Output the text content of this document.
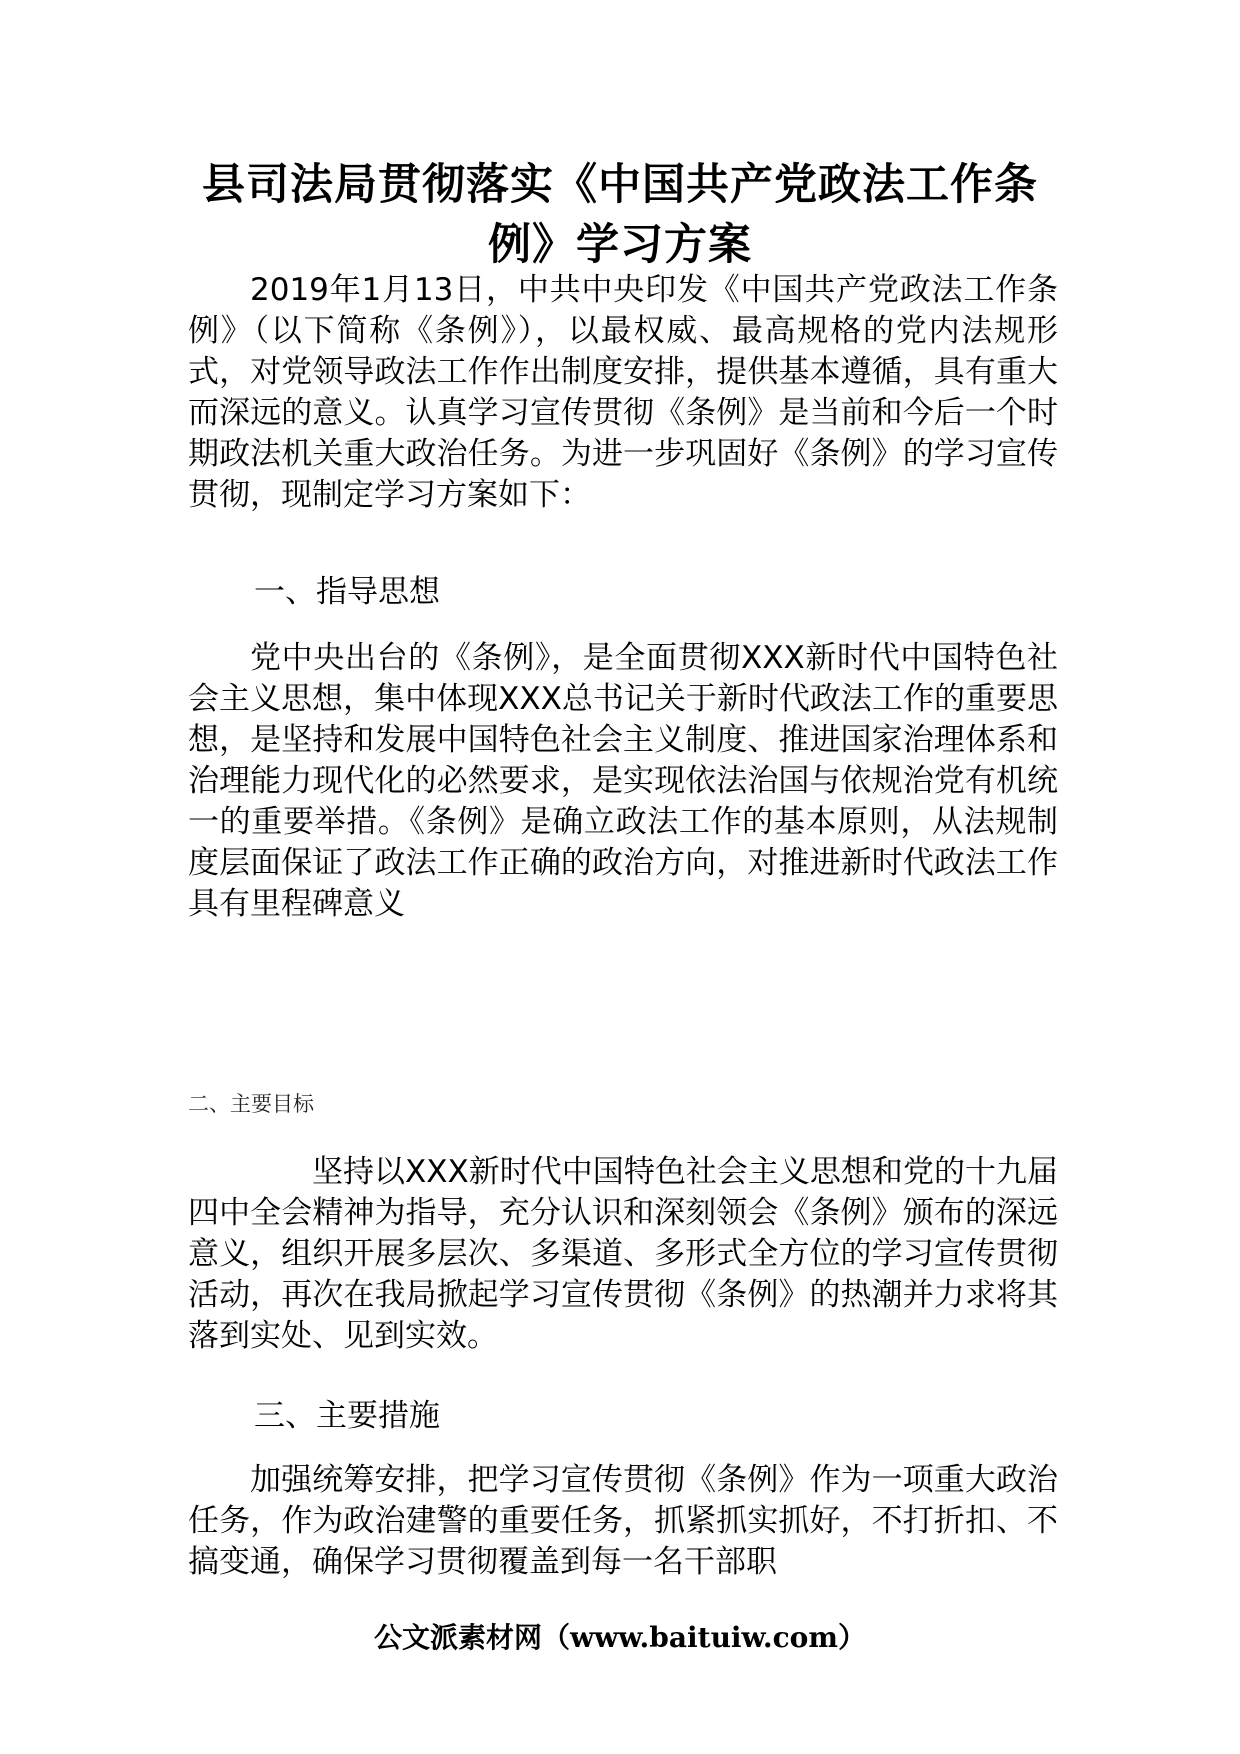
县司法局贯彻落实《中国共产党政法工作条例》学习方案

2019年1月13日，中共中央印发《中国共产党政法工作条例》（以下简称《条例》），以最权威、最高规格的党内法规形式，对党领导政法工作作出制度安排，提供基本遵循，具有重大而深远的意义。认真学习宣传贯彻《条例》是当前和今后一个时期政法机关重大政治任务。为进一步巩固好《条例》的学习宣传贯彻，现制定学习方案如下：

一、指导思想

党中央出台的《条例》，是全面贯彻XXX新时代中国特色社会主义思想，集中体现XXX总书记关于新时代政法工作的重要思想，是坚持和发展中国特色社会主义制度、推进国家治理体系和治理能力现代化的必然要求，是实现依法治国与依规治党有机统一的重要举措。《条例》是确立政法工作的基本原则，从法规制度层面保证了政法工作正确的政治方向，对推进新时代政法工作具有里程碑意义

二、主要目标

坚持以XXX新时代中国特色社会主义思想和党的十九届四中全会精神为指导，充分认识和深刻领会《条例》颁布的深远意义，组织开展多层次、多渠道、多形式全方位的学习宣传贯彻活动，再次在我局掀起学习宣传贯彻《条例》的热潮并力求将其落到实处、见到实效。

三、主要措施

加强统筹安排，把学习宣传贯彻《条例》作为一项重大政治任务，作为政治建警的重要任务，抓紧抓实抓好，不打折扣、不搞变通，确保学习贯彻覆盖到每一名干部职

公文派素材网（www.baituiw.com）
